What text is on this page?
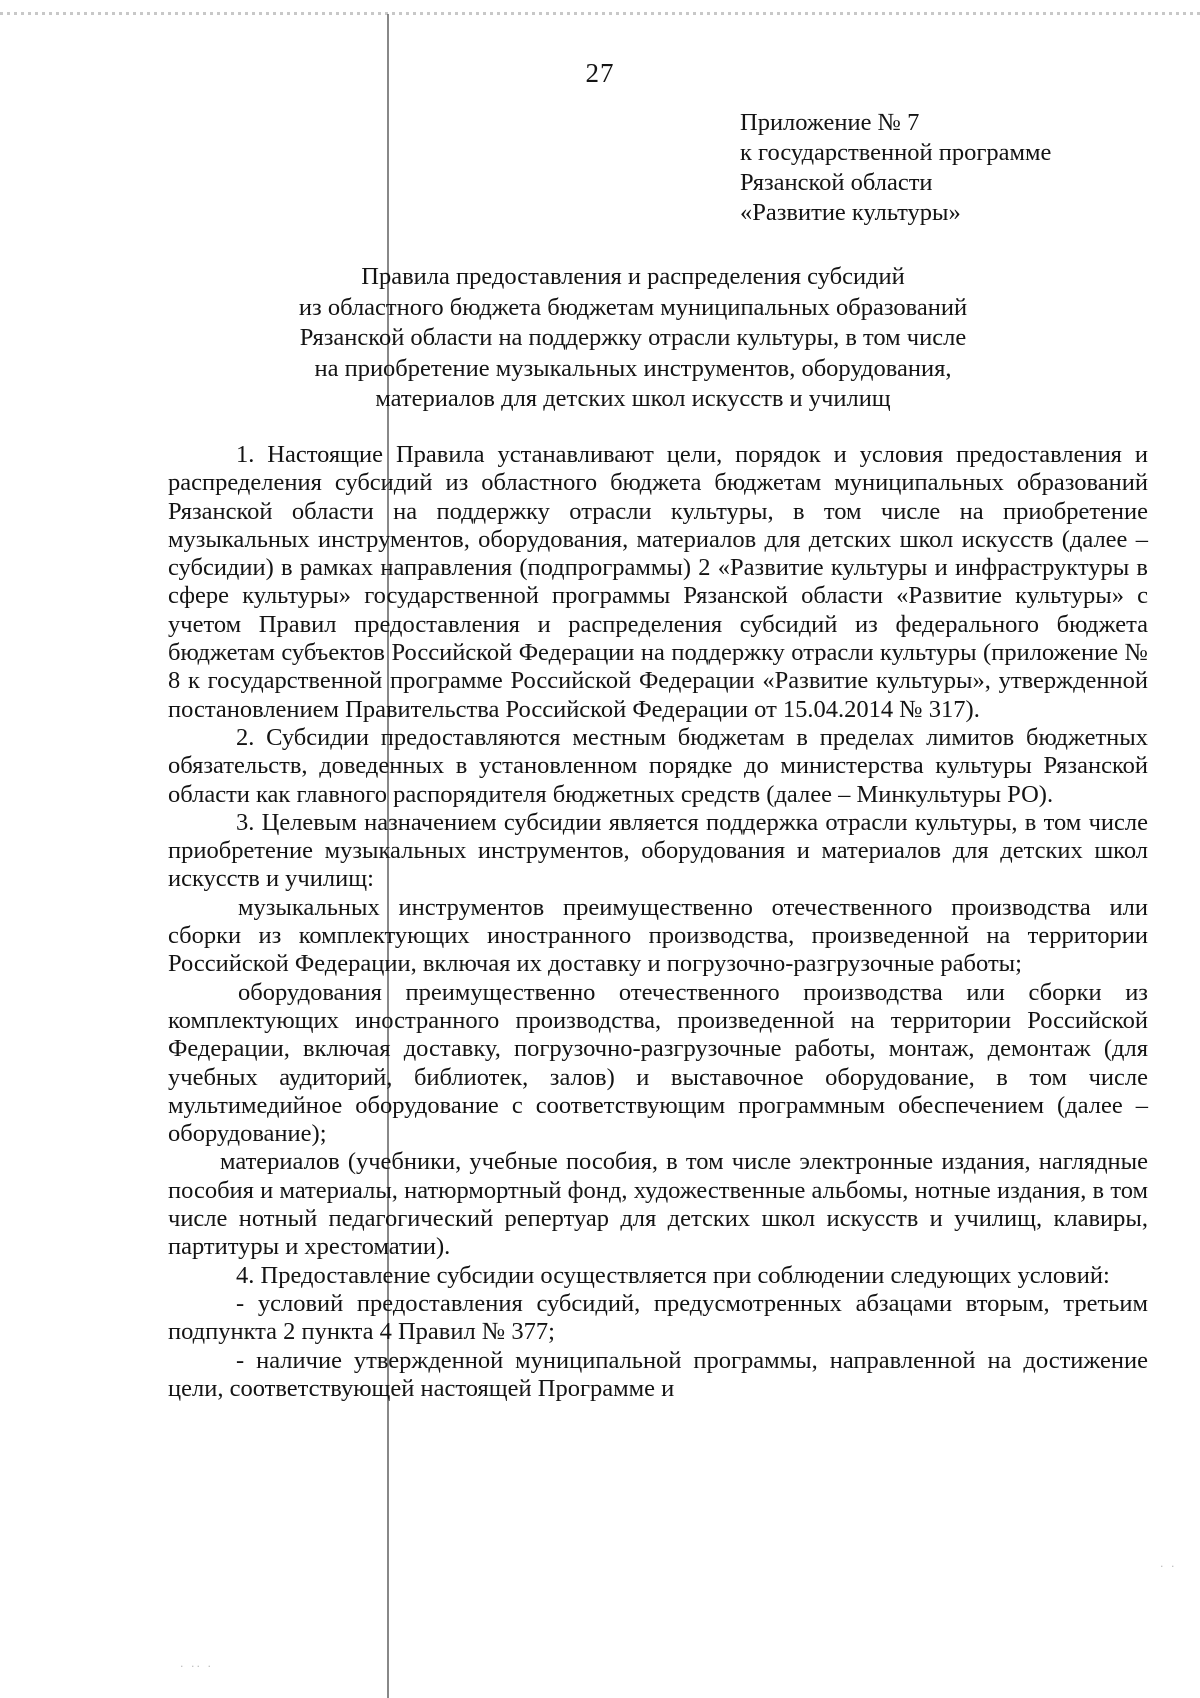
27
Приложение № 7
к государственной программе
Рязанской области
«Развитие культуры»
Правила предоставления и распределения субсидий
из областного бюджета бюджетам муниципальных образований
Рязанской области на поддержку отрасли культуры, в том числе
на приобретение музыкальных инструментов, оборудования,
материалов для детских школ искусств и училищ

1. Настоящие Правила устанавливают цели, порядок и условия предоставления и распределения субсидий из областного бюджета бюджетам муниципальных образований Рязанской области на поддержку отрасли культуры, в том числе на приобретение музыкальных инструментов, оборудования, материалов для детских школ искусств (далее – субсидии) в рамках направления (подпрограммы) 2 «Развитие культуры и инфраструктуры в сфере культуры» государственной программы Рязанской области «Развитие культуры» с учетом Правил предоставления и распределения субсидий из федерального бюджета бюджетам субъектов Российской Федерации на поддержку отрасли культуры (приложение № 8 к государственной программе Российской Федерации «Развитие культуры», утвержденной постановлением Правительства Российской Федерации от 15.04.2014 № 317).

2. Субсидии предоставляются местным бюджетам в пределах лимитов бюджетных обязательств, доведенных в установленном порядке до министерства культуры Рязанской области как главного распорядителя бюджетных средств (далее – Минкультуры РО).

3. Целевым назначением субсидии является поддержка отрасли культуры, в том числе приобретение музыкальных инструментов, оборудования и материалов для детских школ искусств и училищ:

музыкальных инструментов преимущественно отечественного производства или сборки из комплектующих иностранного производства, произведенной на территории Российской Федерации, включая их доставку и погрузочно-разгрузочные работы;

оборудования преимущественно отечественного производства или сборки из комплектующих иностранного производства, произведенной на территории Российской Федерации, включая доставку, погрузочно-разгрузочные работы, монтаж, демонтаж (для учебных аудиторий, библиотек, залов) и выставочное оборудование, в том числе мультимедийное оборудование с соответствующим программным обеспечением (далее – оборудование);

материалов (учебники, учебные пособия, в том числе электронные издания, наглядные пособия и материалы, натюрмортный фонд, художественные альбомы, нотные издания, в том числе нотный педагогический репертуар для детских школ искусств и училищ, клавиры, партитуры и хрестоматии).

4. Предоставление субсидии осуществляется при соблюдении следующих условий:

- условий предоставления субсидий, предусмотренных абзацами вторым, третьим подпункта 2 пункта 4 Правил № 377;

- наличие утвержденной муниципальной программы, направленной на достижение цели, соответствующей настоящей Программе и

· ·
· ·· ·
